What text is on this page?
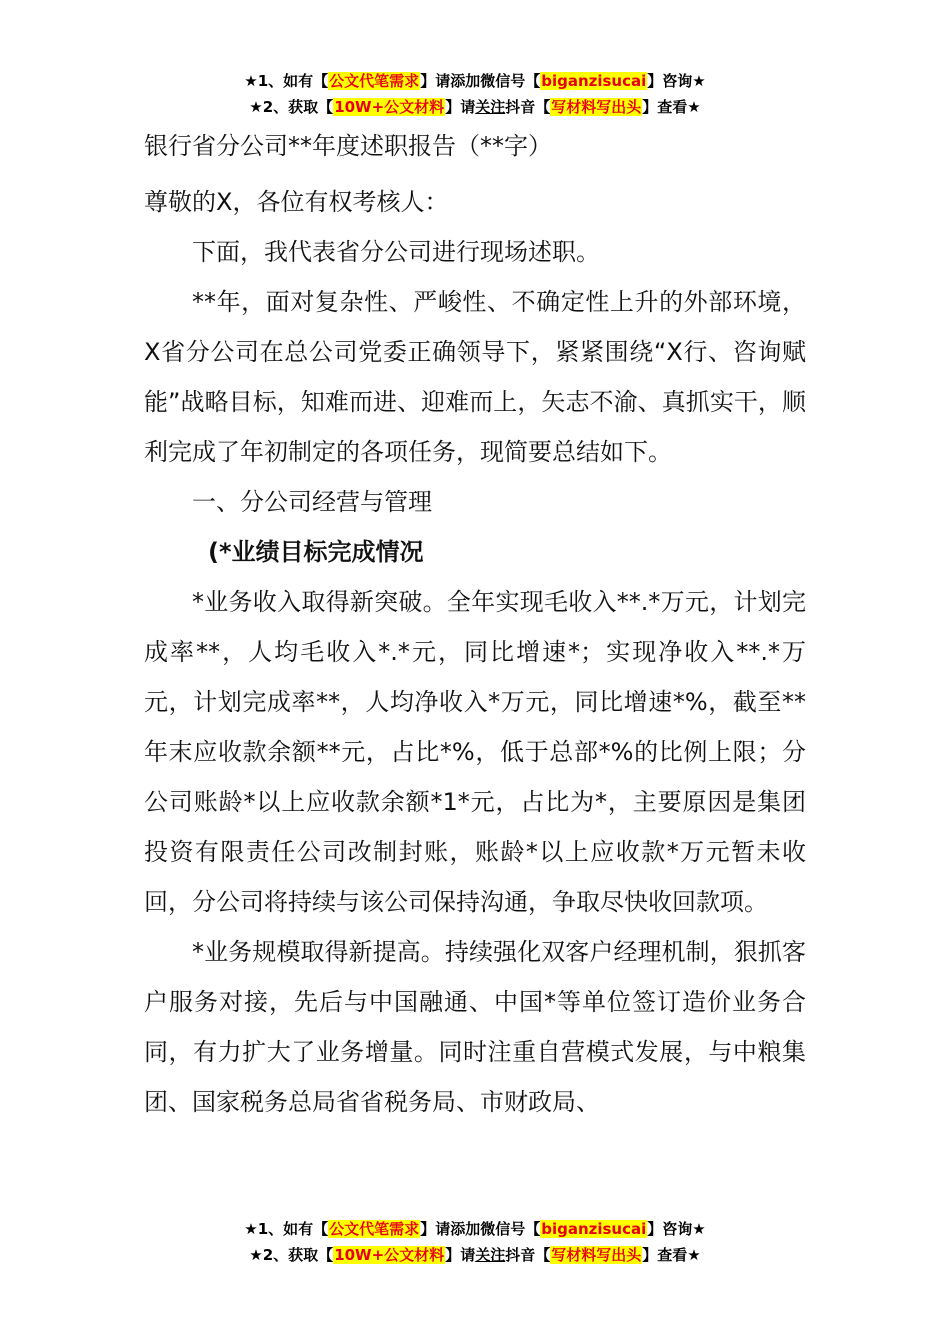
★1、如有【公文代笔需求】请添加微信号【biganzisucai】咨询★
★2、获取【10W+公文材料】请关注抖音【写材料写出头】查看★

银行省分公司**年度述职报告（**字）

尊敬的X，各位有权考核人：

下面，我代表省分公司进行现场述职。

**年，面对复杂性、严峻性、不确定性上升的外部环境，X省分公司在总公司党委正确领导下，紧紧围绕“X行、咨询赋能”战略目标，知难而进、迎难而上，矢志不渝、真抓实干，顺利完成了年初制定的各项任务，现简要总结如下。

一、分公司经营与管理

(*业绩目标完成情况

*业务收入取得新突破。全年实现毛收入**.*万元，计划完成率**，人均毛收入*.*元，同比增速*；实现净收入**.*万元，计划完成率**，人均净收入*万元，同比增速*%，截至**年末应收款余额**元，占比*%，低于总部*%的比例上限；分公司账龄*以上应收款余额*1*元，占比为*，主要原因是集团投资有限责任公司改制封账，账龄*以上应收款*万元暂未收回，分公司将持续与该公司保持沟通，争取尽快收回款项。

*业务规模取得新提高。持续强化双客户经理机制，狠抓客户服务对接，先后与中国融通、中国*等单位签订造价业务合同，有力扩大了业务增量。同时注重自营模式发展，与中粮集团、国家税务总局省省税务局、市财政局、

★1、如有【公文代笔需求】请添加微信号【biganzisucai】咨询★
★2、获取【10W+公文材料】请关注抖音【写材料写出头】查看★
